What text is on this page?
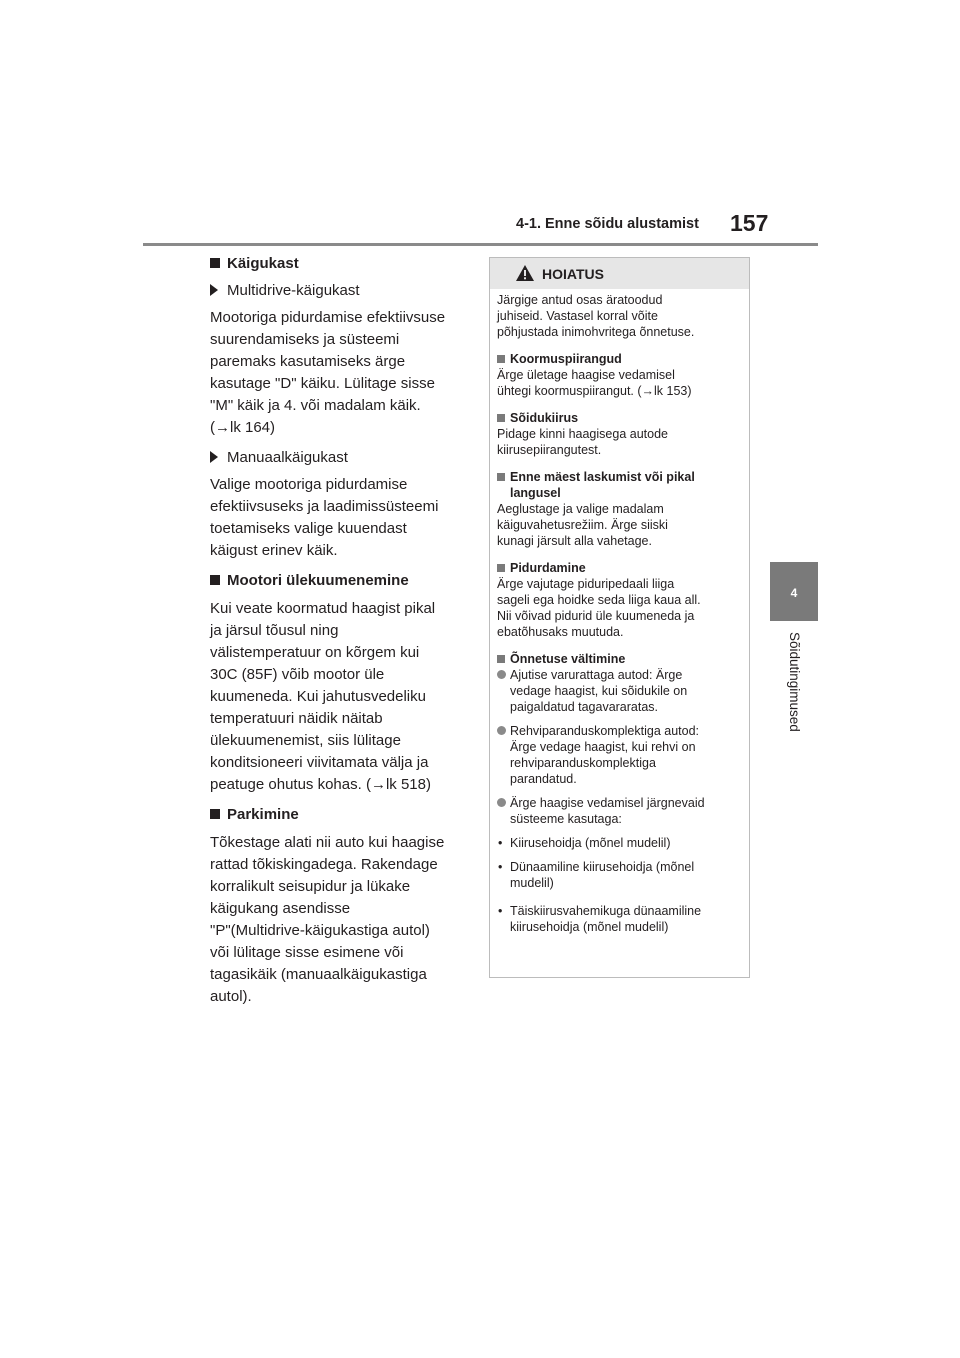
4-1. Enne sõidu alustamist 157
4
Sõidutingimused

Käigukast

Multidrive-käigukast

Mootoriga pidurdamise efektiivsuse
suurendamiseks ja süsteemi
paremaks kasutamiseks ärge
kasutage "D" käiku. Lülitage sisse
"M" käik ja 4. või madalam käik.
(→lk 164)

Manuaalkäigukast

Valige mootoriga pidurdamise
efektiivsuseks ja laadimissüsteemi
toetamiseks valige kuuendast
käigust erinev käik.

Mootori ülekuumenemine

Kui veate koormatud haagist pikal
ja järsul tõusul ning
välistemperatuur on kõrgem kui
30C (85F) võib mootor üle
kuumeneda. Kui jahutusvedeliku
temperatuuri näidik näitab
ülekuumenemist, siis lülitage
konditsioneeri viivitamata välja ja
peatuge ohutus kohas. (→lk 518)

Parkimine

Tõkestage alati nii auto kui haagise
rattad tõkiskingadega. Rakendage
korralikult seisupidur ja lükake
käigukang asendisse
"P"(Multidrive-käigukastiga autol)
või lülitage sisse esimene või
tagasikäik (manuaalkäigukastiga
autol).

HOIATUS

Järgige antud osas äratoodud
juhiseid. Vastasel korral võite
põhjustada inimohvritega õnnetuse.

Koormuspiirangud

Ärge ületage haagise vedamisel
ühtegi koormuspiirangut. (→lk 153)

Sõidukiirus

Pidage kinni haagisega autode
kiirusepiirangutest.

Enne mäest laskumist või pikal
langusel

Aeglustage ja valige madalam
käiguvahetusrežiim. Ärge siiski
kunagi järsult alla vahetage.

Pidurdamine

Ärge vajutage piduripedaali liiga
sageli ega hoidke seda liiga kaua all.
Nii võivad pidurid üle kuumeneda ja
ebatõhusaks muutuda.

Õnnetuse vältimine

Ajutise varurattaga autod: Ärge
vedage haagist, kui sõidukile on
paigaldatud tagavararatas.

Rehviparanduskomplektiga autod:
Ärge vedage haagist, kui rehvi on
rehviparanduskomplektiga
parandatud.

Ärge haagise vedamisel järgnevaid
süsteeme kasutaga:

• Kiirusehoidja (mõnel mudelil)

• Dünaamiline kiirusehoidja (mõnel
mudelil)

• Täiskiirusvahemikuga dünaamiline
kiirusehoidja (mõnel mudelil)
